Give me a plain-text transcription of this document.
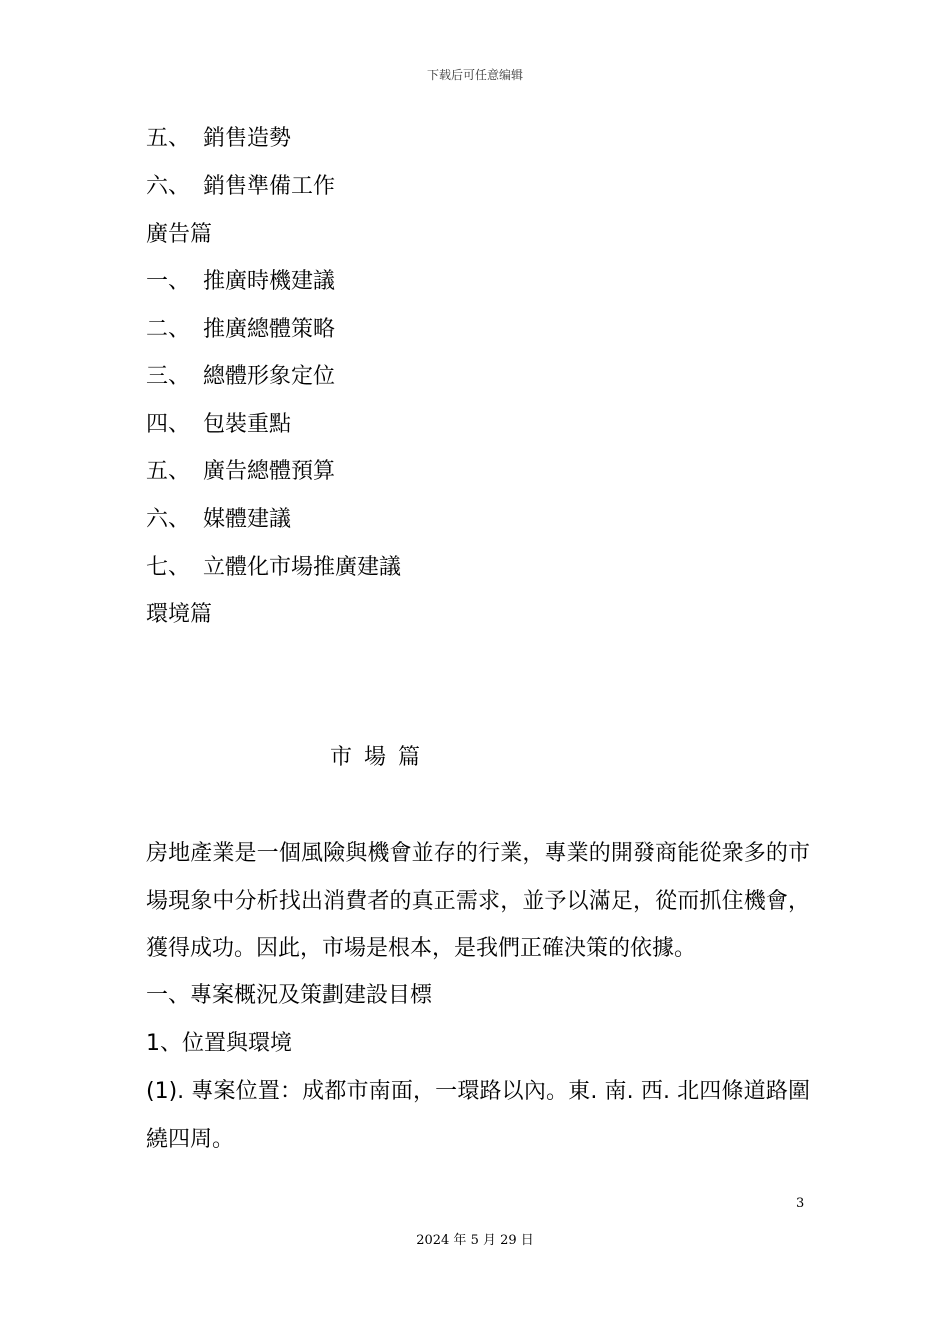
下载后可任意编辑
五、 銷售造勢
六、 銷售準備工作
廣告篇
一、 推廣時機建議
二、 推廣總體策略
三、 總體形象定位
四、 包裝重點
五、 廣告總體預算
六、 媒體建議
七、 立體化市場推廣建議
環境篇
市場篇
房地產業是一個風險與機會並存的行業，專業的開發商能從衆多的市場現象中分析找出消費者的真正需求，並予以滿足，從而抓住機會，獲得成功。因此，市場是根本，是我們正確決策的依據。
一、專案概況及策劃建設目標
1、位置與環境
(1). 專案位置：成都市南面，一環路以內。東. 南. 西. 北四條道路圍繞四周。
3
2024 年 5 月 29 日
